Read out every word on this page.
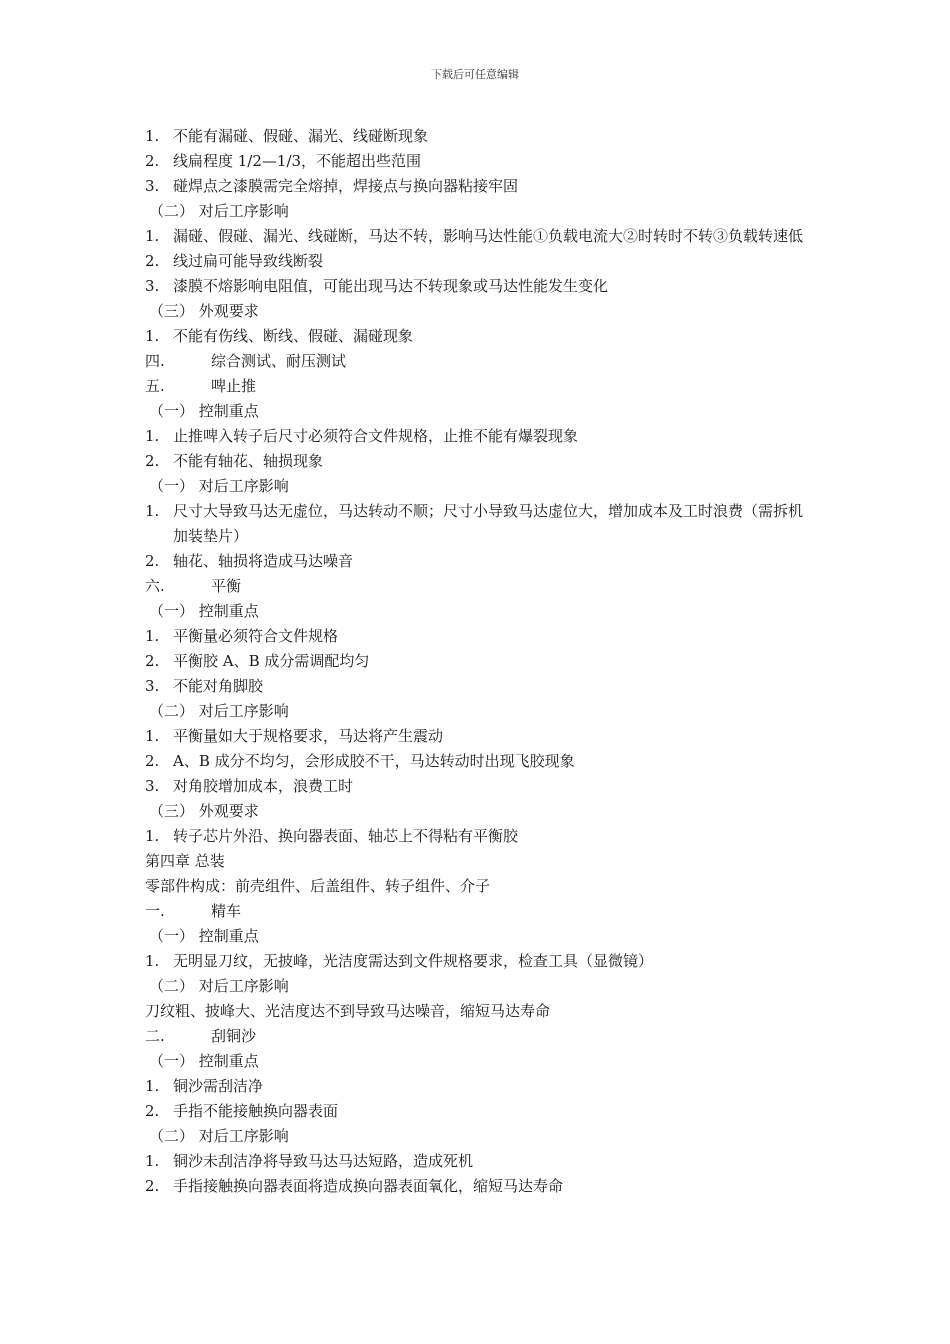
下载后可任意编辑
1. 不能有漏碰、假碰、漏光、线碰断现象
2. 线扁程度 1/2—1/3，不能超出些范围
3. 碰焊点之漆膜需完全熔掉，焊接点与换向器粘接牢固
（二） 对后工序影响
1. 漏碰、假碰、漏光、线碰断，马达不转，影响马达性能①负载电流大②时转时不转③负载转速低
2. 线过扁可能导致线断裂
3. 漆膜不熔影响电阻值，可能出现马达不转现象或马达性能发生变化
（三） 外观要求
1. 不能有伤线、断线、假碰、漏碰现象
四.	综合测试、耐压测试
五.	啤止推
（一） 控制重点
1. 止推啤入转子后尺寸必须符合文件规格，止推不能有爆裂现象
2. 不能有轴花、轴损现象
（一） 对后工序影响
1. 尺寸大导致马达无虚位，马达转动不顺；尺寸小导致马达虚位大，增加成本及工时浪费（需拆机加装垫片）
2. 轴花、轴损将造成马达噪音
六.	平衡
（一） 控制重点
1. 平衡量必须符合文件规格
2. 平衡胶 A、B 成分需调配均匀
3. 不能对角脚胶
（二） 对后工序影响
1. 平衡量如大于规格要求，马达将产生震动
2. A、B 成分不均匀，会形成胶不干，马达转动时出现飞胶现象
3. 对角胶增加成本，浪费工时
（三） 外观要求
1. 转子芯片外沿、换向器表面、轴芯上不得粘有平衡胶
第四章 总装
零部件构成：前壳组件、后盖组件、转子组件、介子
一.	精车
（一） 控制重点
1. 无明显刀纹，无披峰，光洁度需达到文件规格要求，检查工具（显微镜）
（二） 对后工序影响
刀纹粗、披峰大、光洁度达不到导致马达噪音，缩短马达寿命
二.	刮铜沙
（一） 控制重点
1. 铜沙需刮洁净
2. 手指不能接触换向器表面
（二） 对后工序影响
1. 铜沙未刮洁净将导致马达马达短路，造成死机
2. 手指接触换向器表面将造成换向器表面氧化，缩短马达寿命
